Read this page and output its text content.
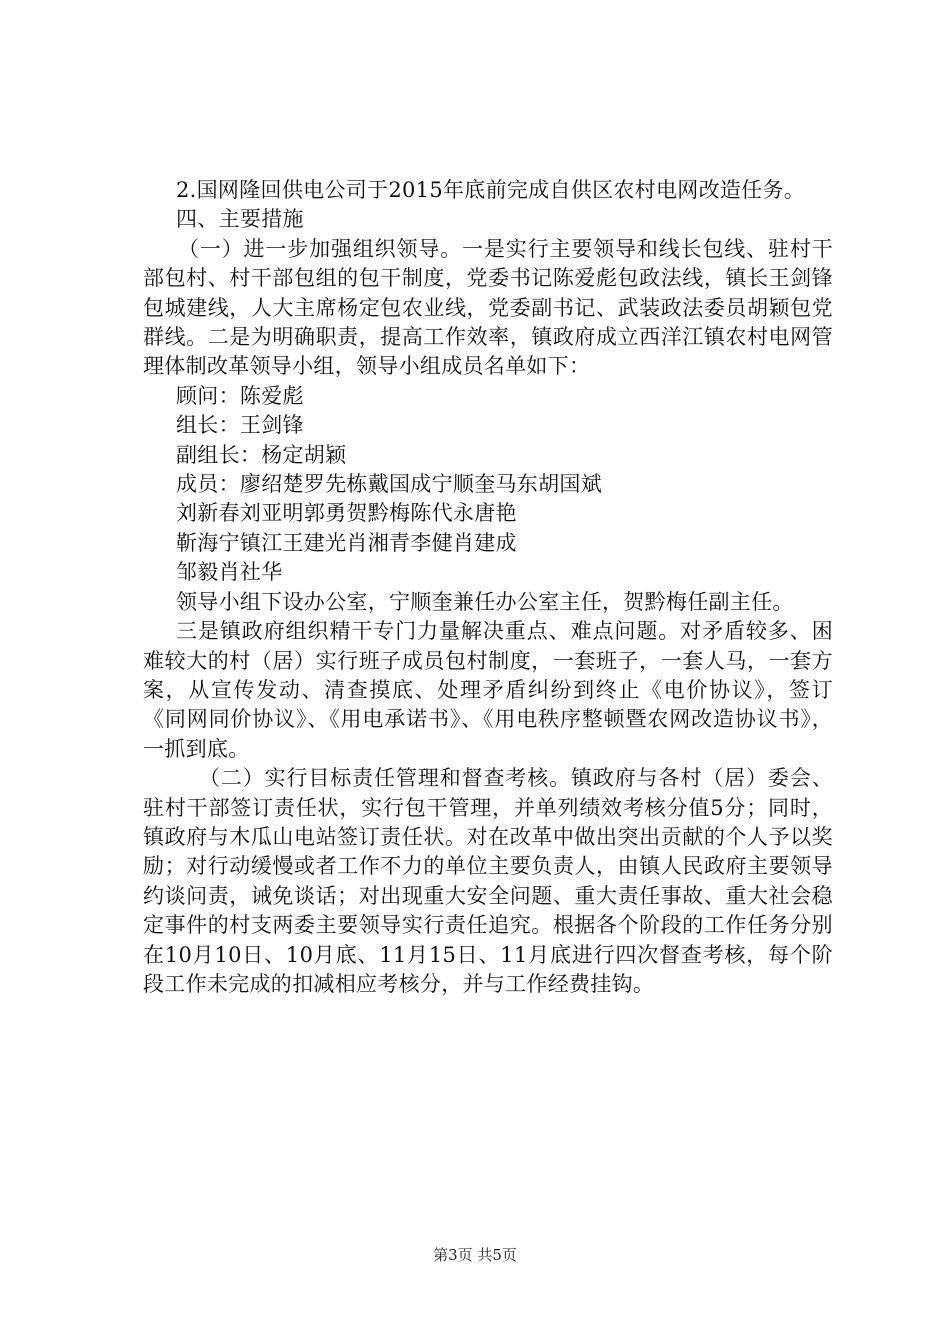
2.国网隆回供电公司于2015年底前完成自供区农村电网改造任务。

四、主要措施

（一）进一步加强组织领导。一是实行主要领导和线长包线、驻村干部包村、村干部包组的包干制度，党委书记陈爱彪包政法线，镇长王剑锋包城建线，人大主席杨定包农业线，党委副书记、武装政法委员胡颖包党群线。二是为明确职责，提高工作效率，镇政府成立西洋江镇农村电网管理体制改革领导小组，领导小组成员名单如下：

顾问：陈爱彪

组长：王剑锋

副组长：杨定胡颖

成员：廖绍楚罗先栋戴国成宁顺奎马东胡国斌

刘新春刘亚明郭勇贺黔梅陈代永唐艳

靳海宁镇江王建光肖湘青李健肖建成

邹毅肖社华

领导小组下设办公室，宁顺奎兼任办公室主任，贺黔梅任副主任。

三是镇政府组织精干专门力量解决重点、难点问题。对矛盾较多、困难较大的村（居）实行班子成员包村制度，一套班子，一套人马，一套方案，从宣传发动、清查摸底、处理矛盾纠纷到终止《电价协议》，签订《同网同价协议》、《用电承诺书》、《用电秩序整顿暨农网改造协议书》，一抓到底。

（二）实行目标责任管理和督查考核。镇政府与各村（居）委会、驻村干部签订责任状，实行包干管理，并单列绩效考核分值5分；同时，镇政府与木瓜山电站签订责任状。对在改革中做出突出贡献的个人予以奖励；对行动缓慢或者工作不力的单位主要负责人，由镇人民政府主要领导约谈问责，诫免谈话；对出现重大安全问题、重大责任事故、重大社会稳定事件的村支两委主要领导实行责任追究。根据各个阶段的工作任务分别在10月10日、10月底、11月15日、11月底进行四次督查考核，每个阶段工作未完成的扣减相应考核分，并与工作经费挂钩。

第3页 共5页
